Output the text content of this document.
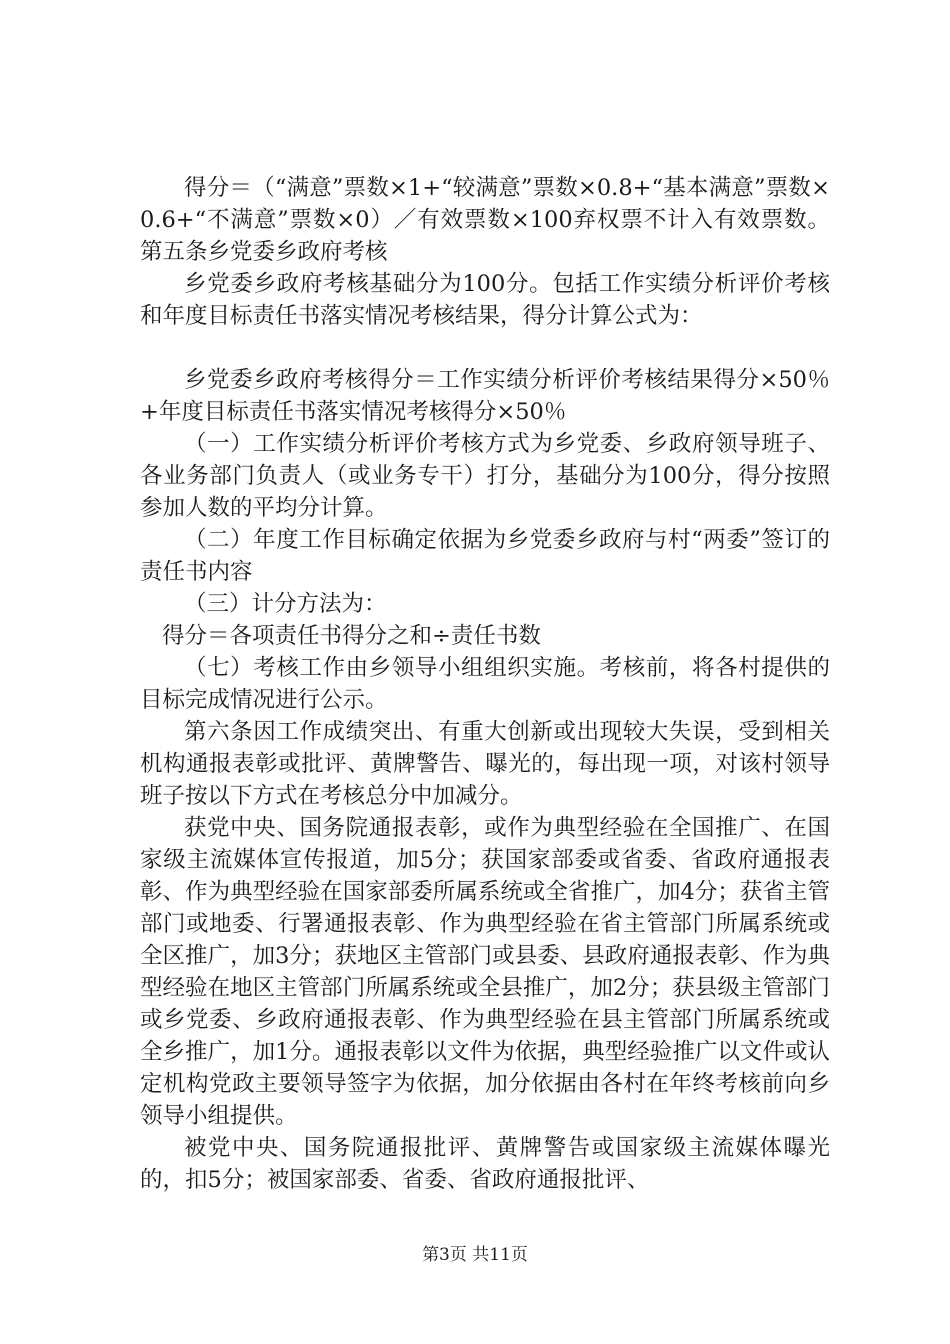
得分＝（“满意”票数×1+“较满意”票数×0.8+“基本满意”票数×0.6+“不满意”票数×0）／有效票数×100弃权票不计入有效票数。第五条乡党委乡政府考核

乡党委乡政府考核基础分为100分。包括工作实绩分析评价考核和年度目标责任书落实情况考核结果，得分计算公式为：

乡党委乡政府考核得分＝工作实绩分析评价考核结果得分×50％+年度目标责任书落实情况考核得分×50％

（一）工作实绩分析评价考核方式为乡党委、乡政府领导班子、各业务部门负责人（或业务专干）打分，基础分为100分，得分按照参加人数的平均分计算。

（二）年度工作目标确定依据为乡党委乡政府与村“两委”签订的责任书内容

（三）计分方法为：

得分＝各项责任书得分之和÷责任书数

（七）考核工作由乡领导小组组织实施。考核前，将各村提供的目标完成情况进行公示。

第六条因工作成绩突出、有重大创新或出现较大失误，受到相关机构通报表彰或批评、黄牌警告、曝光的，每出现一项，对该村领导班子按以下方式在考核总分中加减分。

获党中央、国务院通报表彰，或作为典型经验在全国推广、在国家级主流媒体宣传报道，加5分；获国家部委或省委、省政府通报表彰、作为典型经验在国家部委所属系统或全省推广，加4分；获省主管部门或地委、行署通报表彰、作为典型经验在省主管部门所属系统或全区推广，加3分；获地区主管部门或县委、县政府通报表彰、作为典型经验在地区主管部门所属系统或全县推广，加2分；获县级主管部门或乡党委、乡政府通报表彰、作为典型经验在县主管部门所属系统或全乡推广，加1分。通报表彰以文件为依据，典型经验推广以文件或认定机构党政主要领导签字为依据，加分依据由各村在年终考核前向乡领导小组提供。

被党中央、国务院通报批评、黄牌警告或国家级主流媒体曝光的，扣5分；被国家部委、省委、省政府通报批评、

第3页 共11页
